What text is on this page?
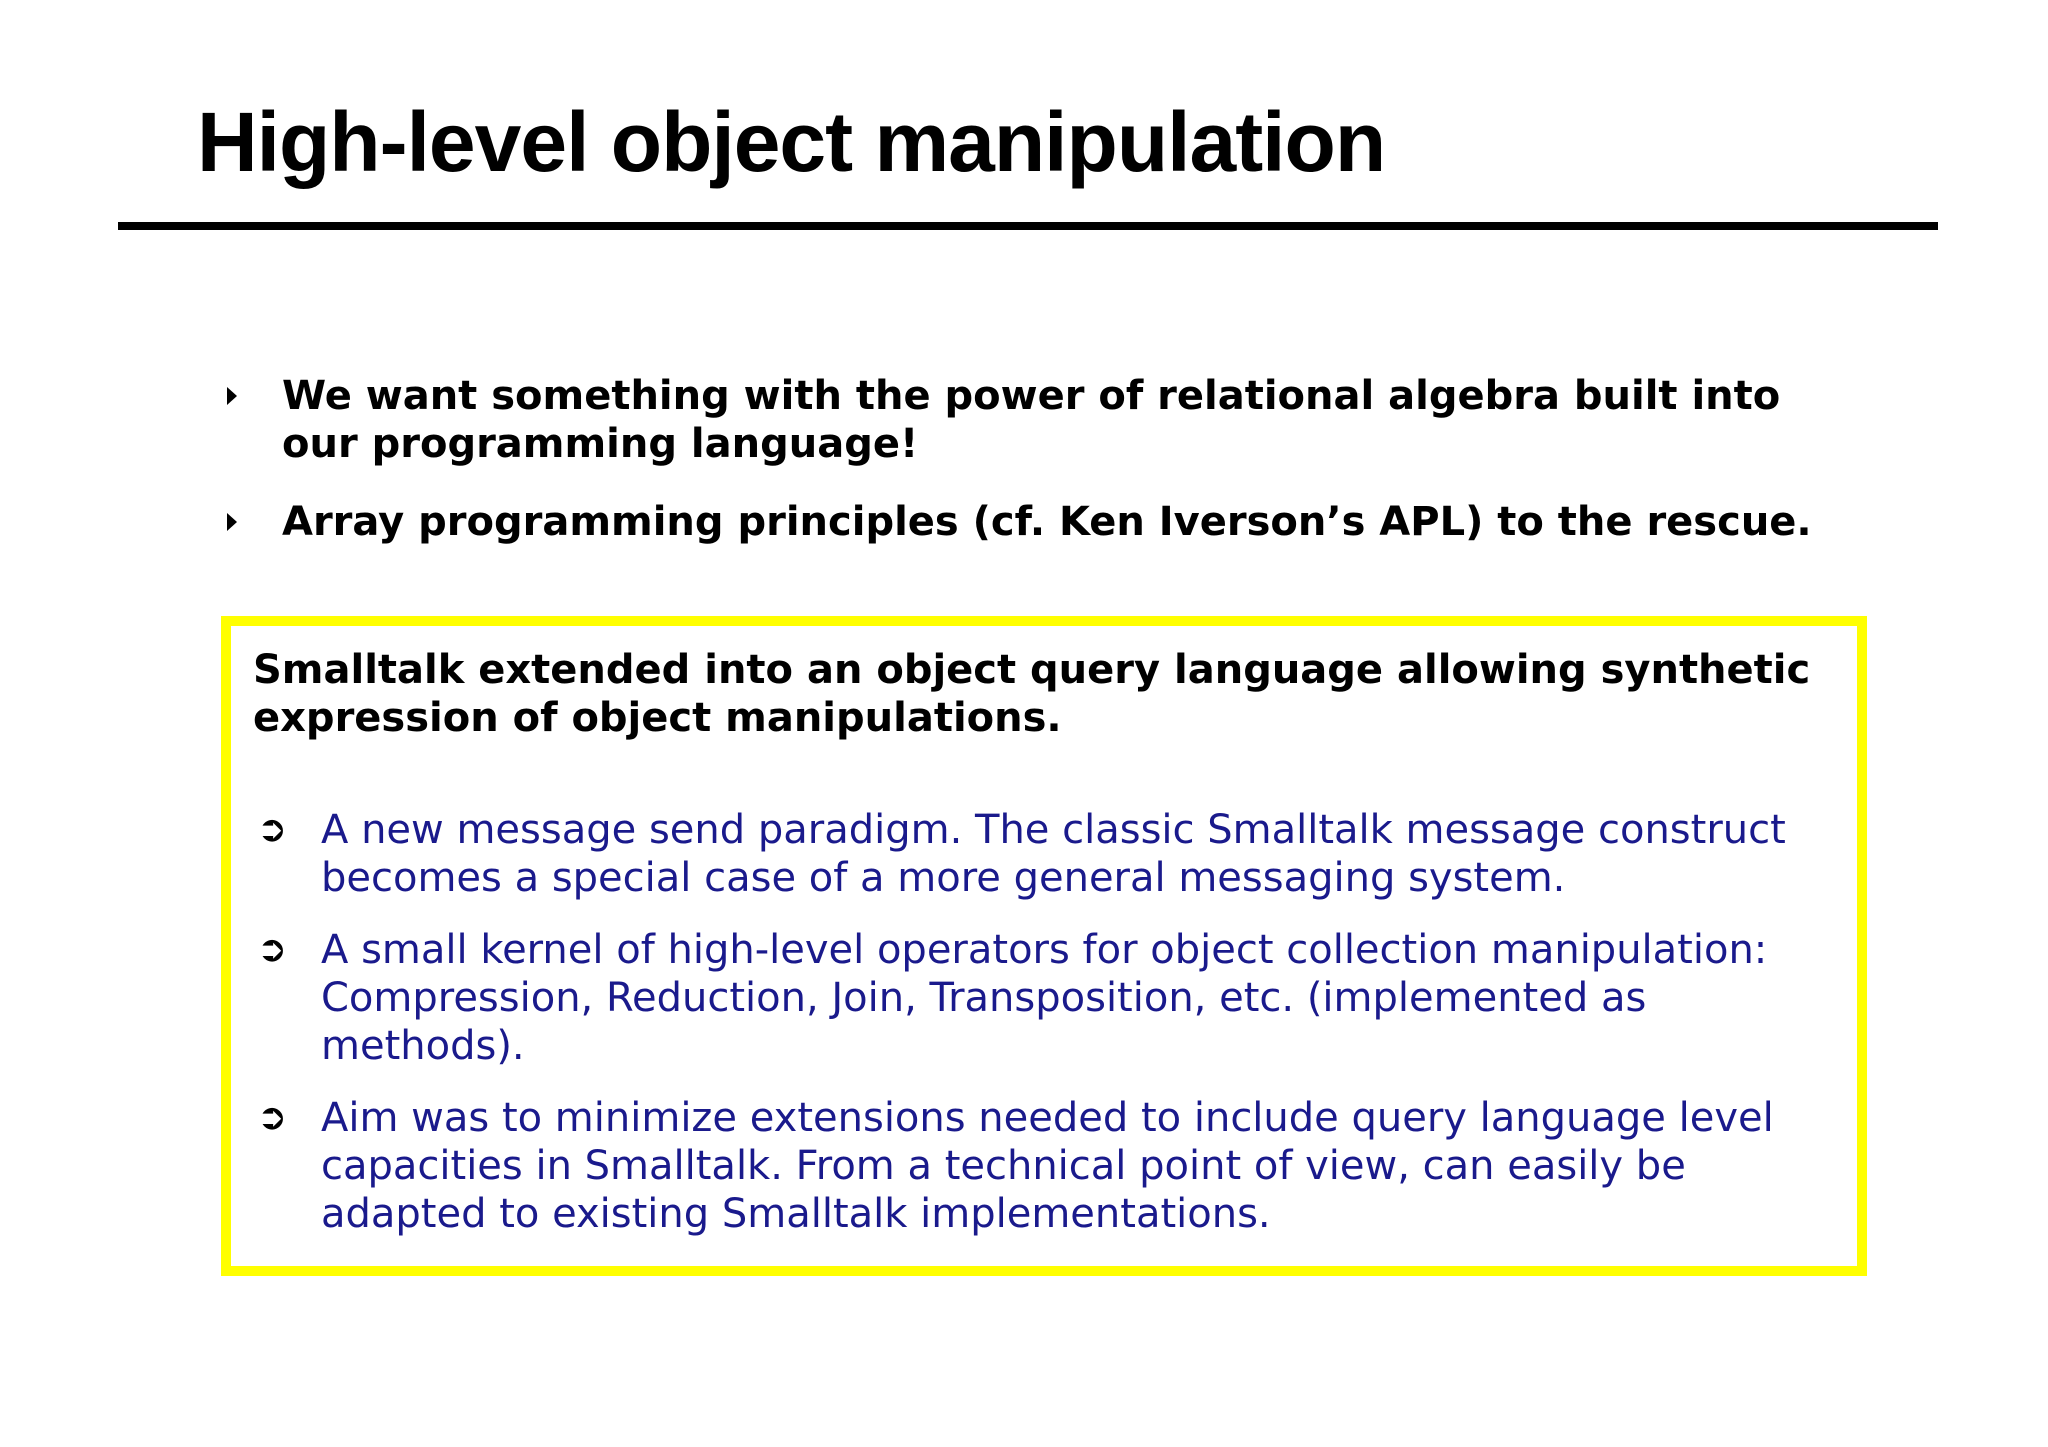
High-level object manipulation
We want something with the power of relational algebra built into our programming language!
Array programming principles (cf. Ken Iverson’s APL) to the rescue.

Smalltalk extended into an object query language allowing synthetic expression of object manipulations.

➲ A new message send paradigm. The classic Smalltalk message construct becomes a special case of a more general messaging system.
➲ A small kernel of high-level operators for object collection manipulation: Compression, Reduction, Join, Transposition, etc. (implemented as methods).
➲ Aim was to minimize extensions needed to include query language level capacities in Smalltalk. From a technical point of view, can easily be adapted to existing Smalltalk implementations.
